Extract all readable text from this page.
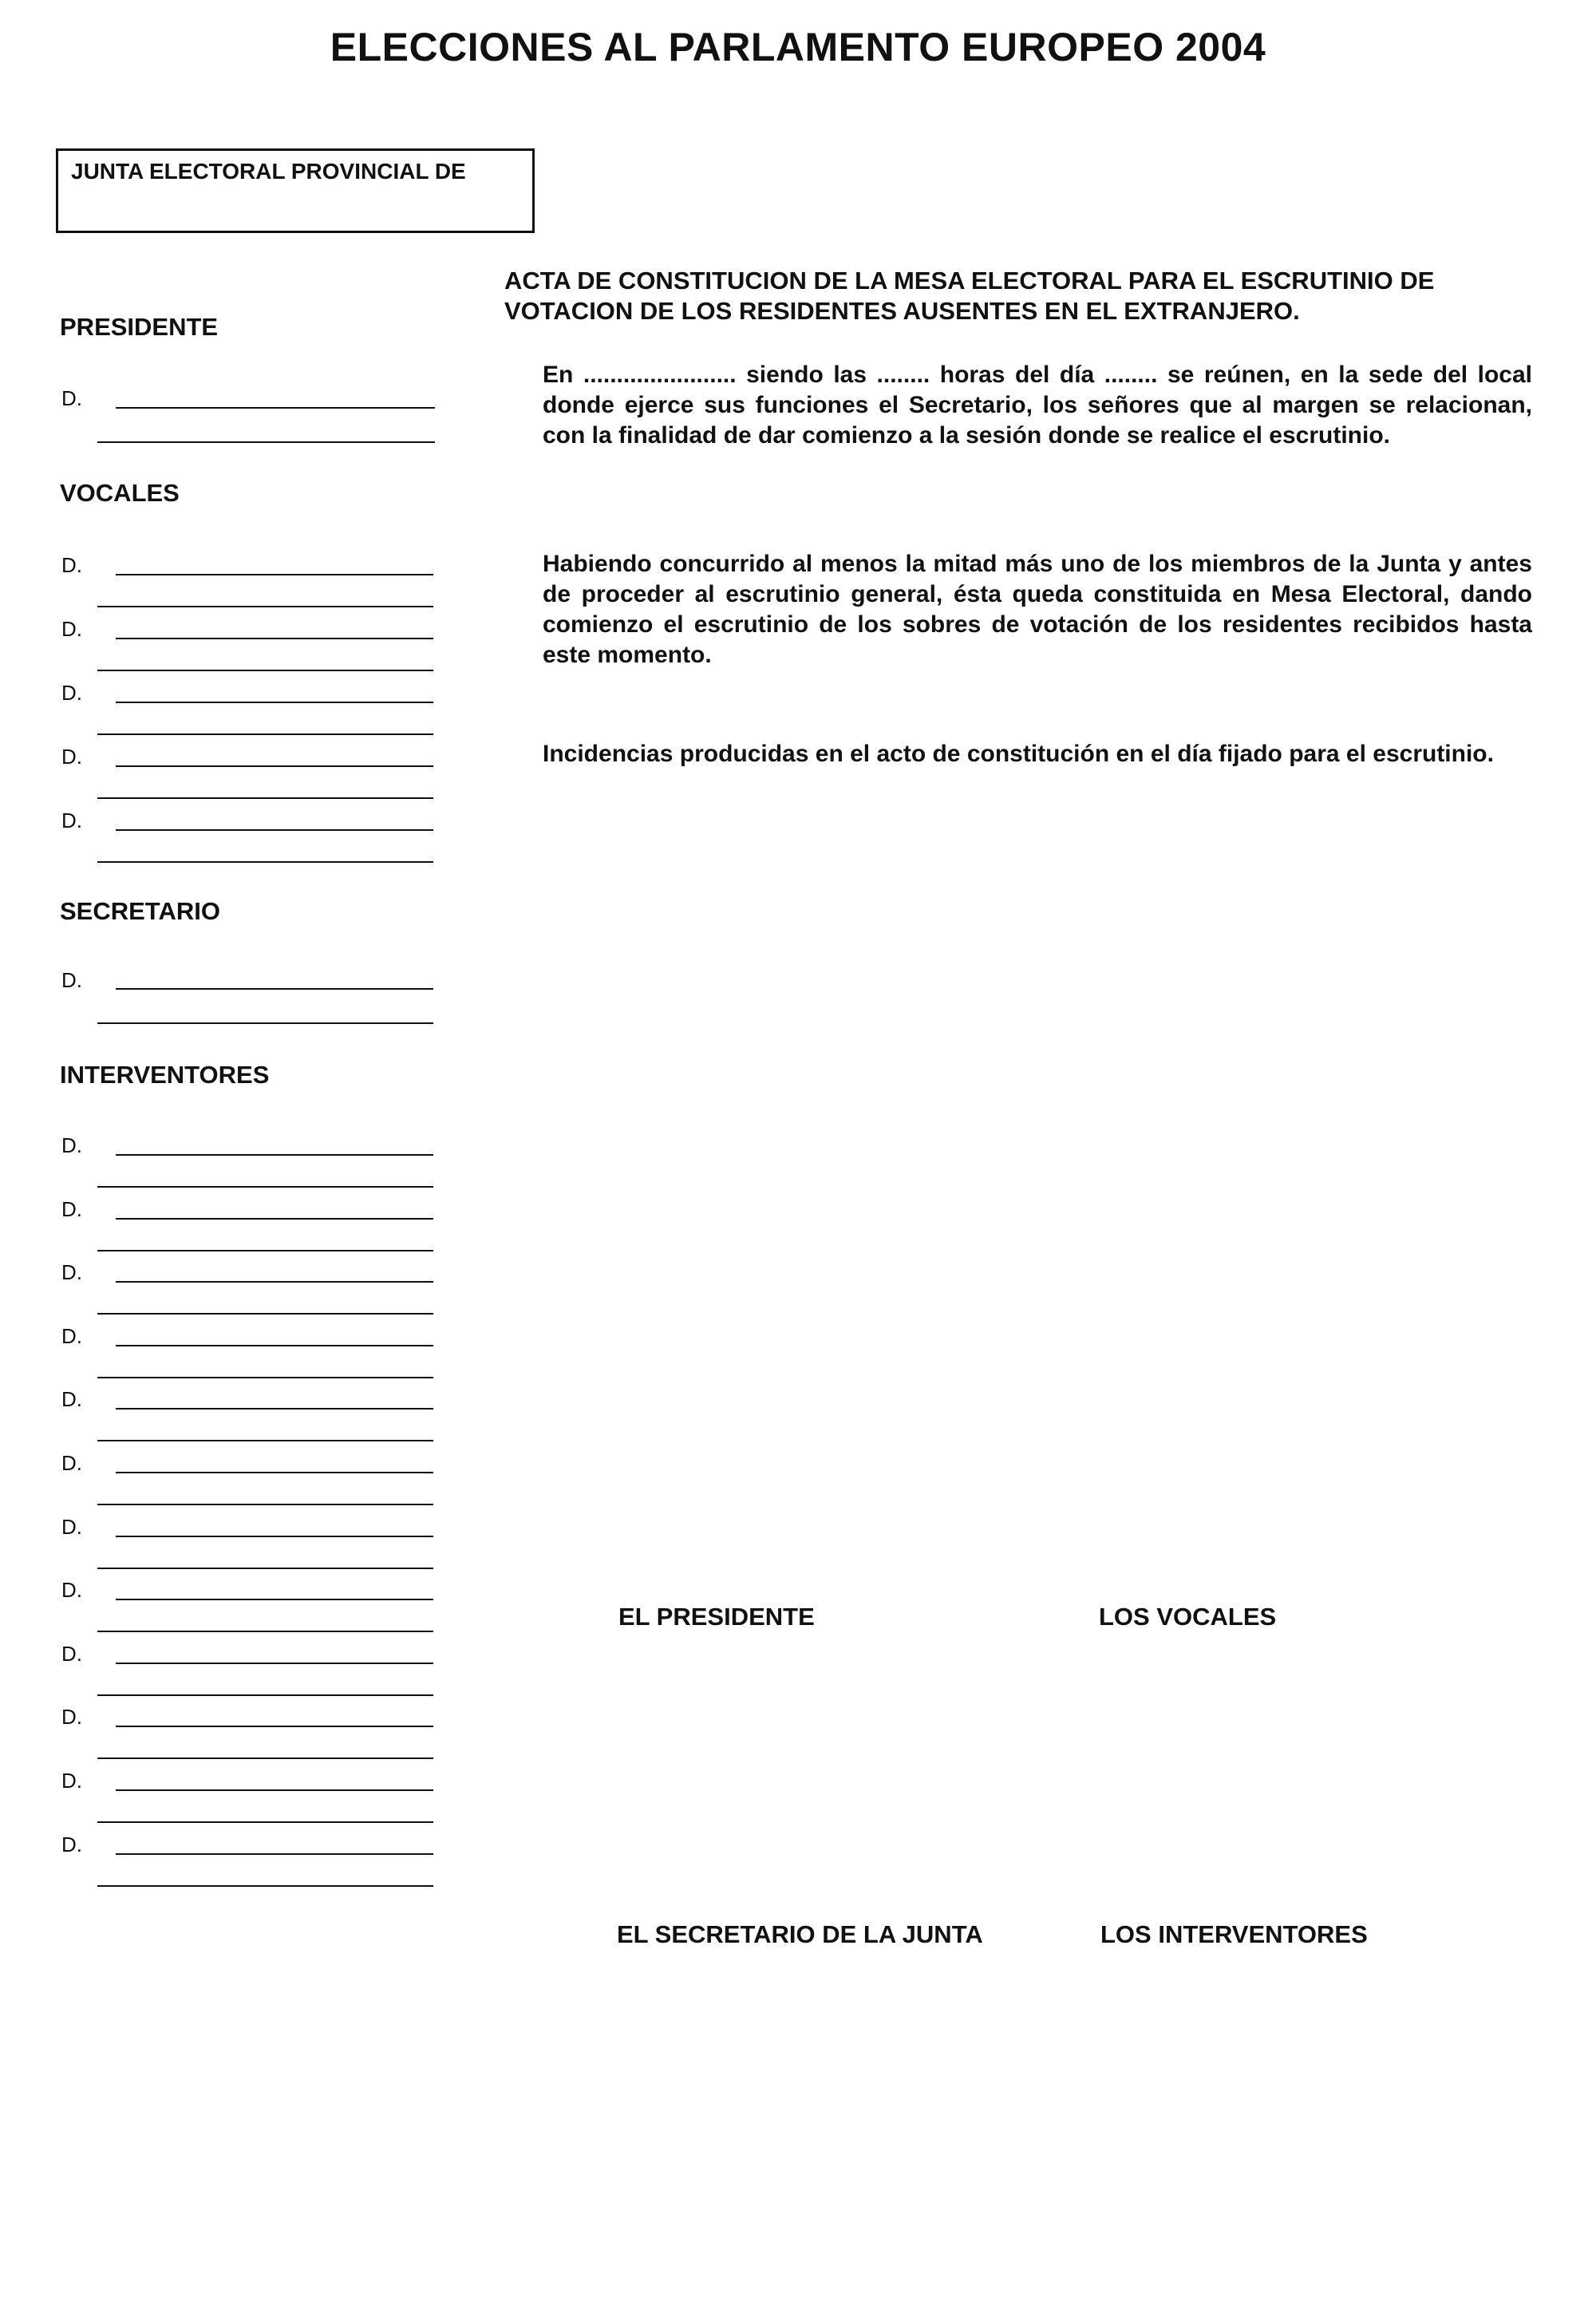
ELECCIONES AL PARLAMENTO EUROPEO 2004
JUNTA ELECTORAL PROVINCIAL DE
PRESIDENTE
D.
VOCALES
D.
D.
D.
D.
D.
SECRETARIO
D.
INTERVENTORES
D.
D.
D.
D.
D.
D.
D.
D.
D.
D.
D.
D.
ACTA DE CONSTITUCION DE LA MESA ELECTORAL PARA EL ESCRUTINIO DE VOTACION DE LOS RESIDENTES AUSENTES EN EL EXTRANJERO.
En ....................... siendo las ........ horas del día ........ se reúnen, en la sede del local donde ejerce sus funciones el Secretario, los señores que al margen se relacionan, con la finalidad de dar comienzo a la sesión donde se realice el escrutinio.
Habiendo concurrido al menos la mitad más uno de los miembros de la Junta y antes de proceder al escrutinio general, ésta queda constituida en Mesa Electoral, dando comienzo el escrutinio de los sobres de votación de los residentes recibidos hasta este momento.
Incidencias producidas en el acto de constitución en el día fijado para el escrutinio.
EL PRESIDENTE	LOS VOCALES
EL SECRETARIO DE LA JUNTA	LOS INTERVENTORES
